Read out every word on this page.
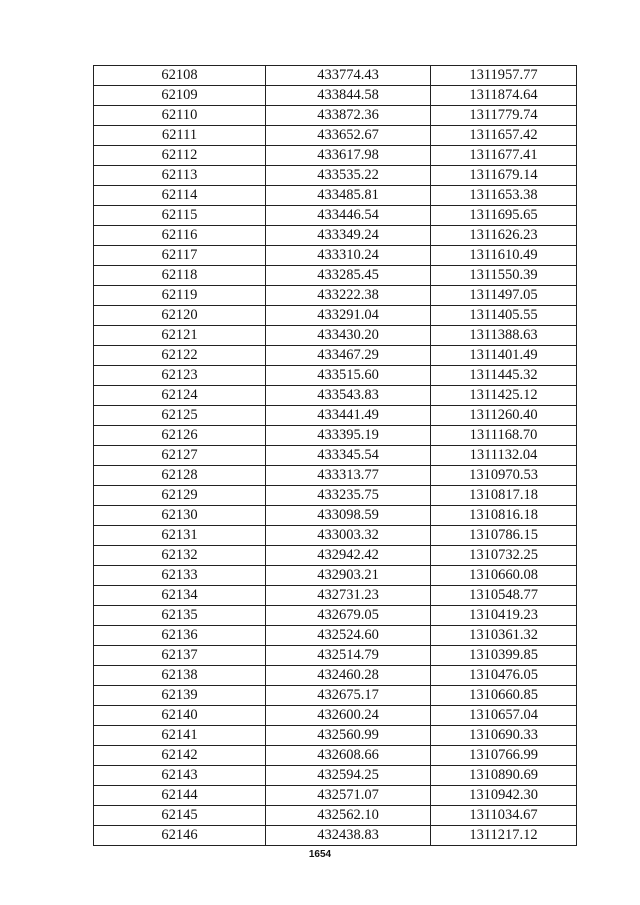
62108	433774.43	1311957.77
62109	433844.58	1311874.64
62110	433872.36	1311779.74
62111	433652.67	1311657.42
62112	433617.98	1311677.41
62113	433535.22	1311679.14
62114	433485.81	1311653.38
62115	433446.54	1311695.65
62116	433349.24	1311626.23
62117	433310.24	1311610.49
62118	433285.45	1311550.39
62119	433222.38	1311497.05
62120	433291.04	1311405.55
62121	433430.20	1311388.63
62122	433467.29	1311401.49
62123	433515.60	1311445.32
62124	433543.83	1311425.12
62125	433441.49	1311260.40
62126	433395.19	1311168.70
62127	433345.54	1311132.04
62128	433313.77	1310970.53
62129	433235.75	1310817.18
62130	433098.59	1310816.18
62131	433003.32	1310786.15
62132	432942.42	1310732.25
62133	432903.21	1310660.08
62134	432731.23	1310548.77
62135	432679.05	1310419.23
62136	432524.60	1310361.32
62137	432514.79	1310399.85
62138	432460.28	1310476.05
62139	432675.17	1310660.85
62140	432600.24	1310657.04
62141	432560.99	1310690.33
62142	432608.66	1310766.99
62143	432594.25	1310890.69
62144	432571.07	1310942.30
62145	432562.10	1311034.67
62146	432438.83	1311217.12
1654
